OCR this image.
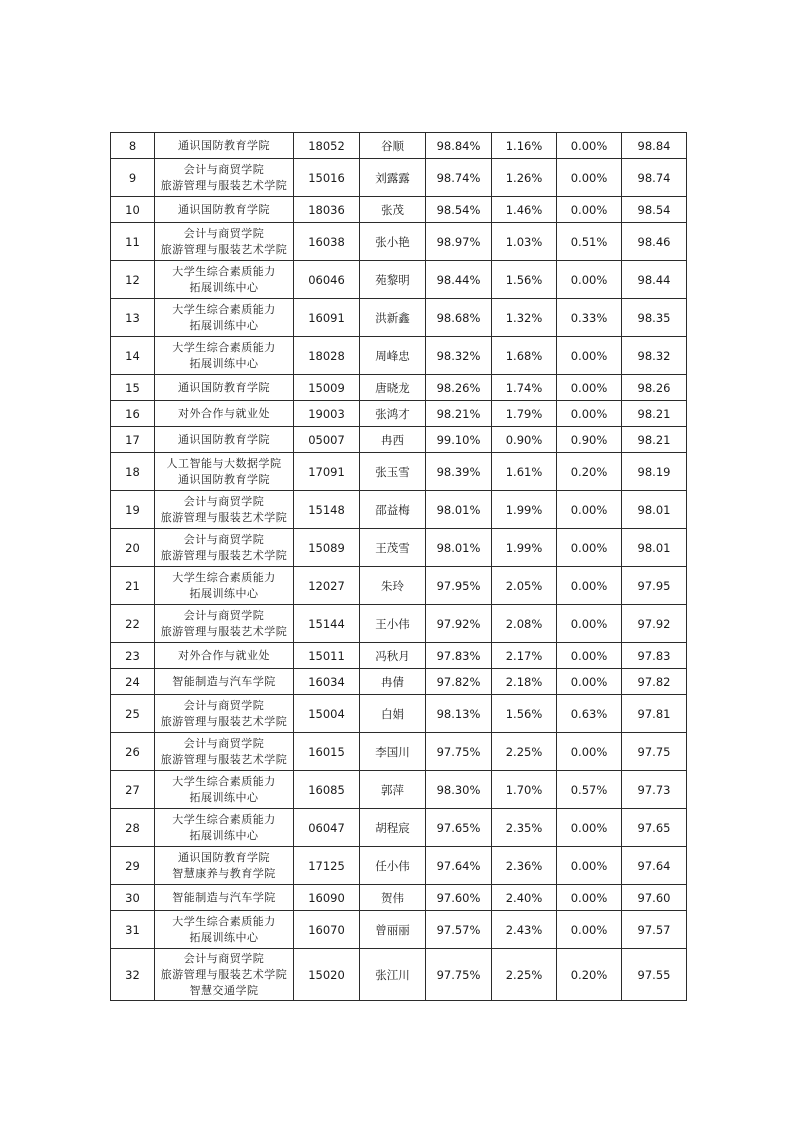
8	通识国防教育学院	18052	谷顺	98.84%	1.16%	0.00%	98.84
9	会计与商贸学院
旅游管理与服装艺术学院	15016	刘露露	98.74%	1.26%	0.00%	98.74
10	通识国防教育学院	18036	张茂	98.54%	1.46%	0.00%	98.54
11	会计与商贸学院
旅游管理与服装艺术学院	16038	张小艳	98.97%	1.03%	0.51%	98.46
12	大学生综合素质能力
拓展训练中心	06046	苑黎明	98.44%	1.56%	0.00%	98.44
13	大学生综合素质能力
拓展训练中心	16091	洪新鑫	98.68%	1.32%	0.33%	98.35
14	大学生综合素质能力
拓展训练中心	18028	周峰忠	98.32%	1.68%	0.00%	98.32
15	通识国防教育学院	15009	唐晓龙	98.26%	1.74%	0.00%	98.26
16	对外合作与就业处	19003	张鸿才	98.21%	1.79%	0.00%	98.21
17	通识国防教育学院	05007	冉西	99.10%	0.90%	0.90%	98.21
18	人工智能与大数据学院
通识国防教育学院	17091	张玉雪	98.39%	1.61%	0.20%	98.19
19	会计与商贸学院
旅游管理与服装艺术学院	15148	邵益梅	98.01%	1.99%	0.00%	98.01
20	会计与商贸学院
旅游管理与服装艺术学院	15089	王茂雪	98.01%	1.99%	0.00%	98.01
21	大学生综合素质能力
拓展训练中心	12027	朱玲	97.95%	2.05%	0.00%	97.95
22	会计与商贸学院
旅游管理与服装艺术学院	15144	王小伟	97.92%	2.08%	0.00%	97.92
23	对外合作与就业处	15011	冯秋月	97.83%	2.17%	0.00%	97.83
24	智能制造与汽车学院	16034	冉倩	97.82%	2.18%	0.00%	97.82
25	会计与商贸学院
旅游管理与服装艺术学院	15004	白娟	98.13%	1.56%	0.63%	97.81
26	会计与商贸学院
旅游管理与服装艺术学院	16015	李国川	97.75%	2.25%	0.00%	97.75
27	大学生综合素质能力
拓展训练中心	16085	郭萍	98.30%	1.70%	0.57%	97.73
28	大学生综合素质能力
拓展训练中心	06047	胡程宸	97.65%	2.35%	0.00%	97.65
29	通识国防教育学院
智慧康养与教育学院	17125	任小伟	97.64%	2.36%	0.00%	97.64
30	智能制造与汽车学院	16090	贺伟	97.60%	2.40%	0.00%	97.60
31	大学生综合素质能力
拓展训练中心	16070	曾丽丽	97.57%	2.43%	0.00%	97.57
32	会计与商贸学院
旅游管理与服装艺术学院
智慧交通学院	15020	张江川	97.75%	2.25%	0.20%	97.55
